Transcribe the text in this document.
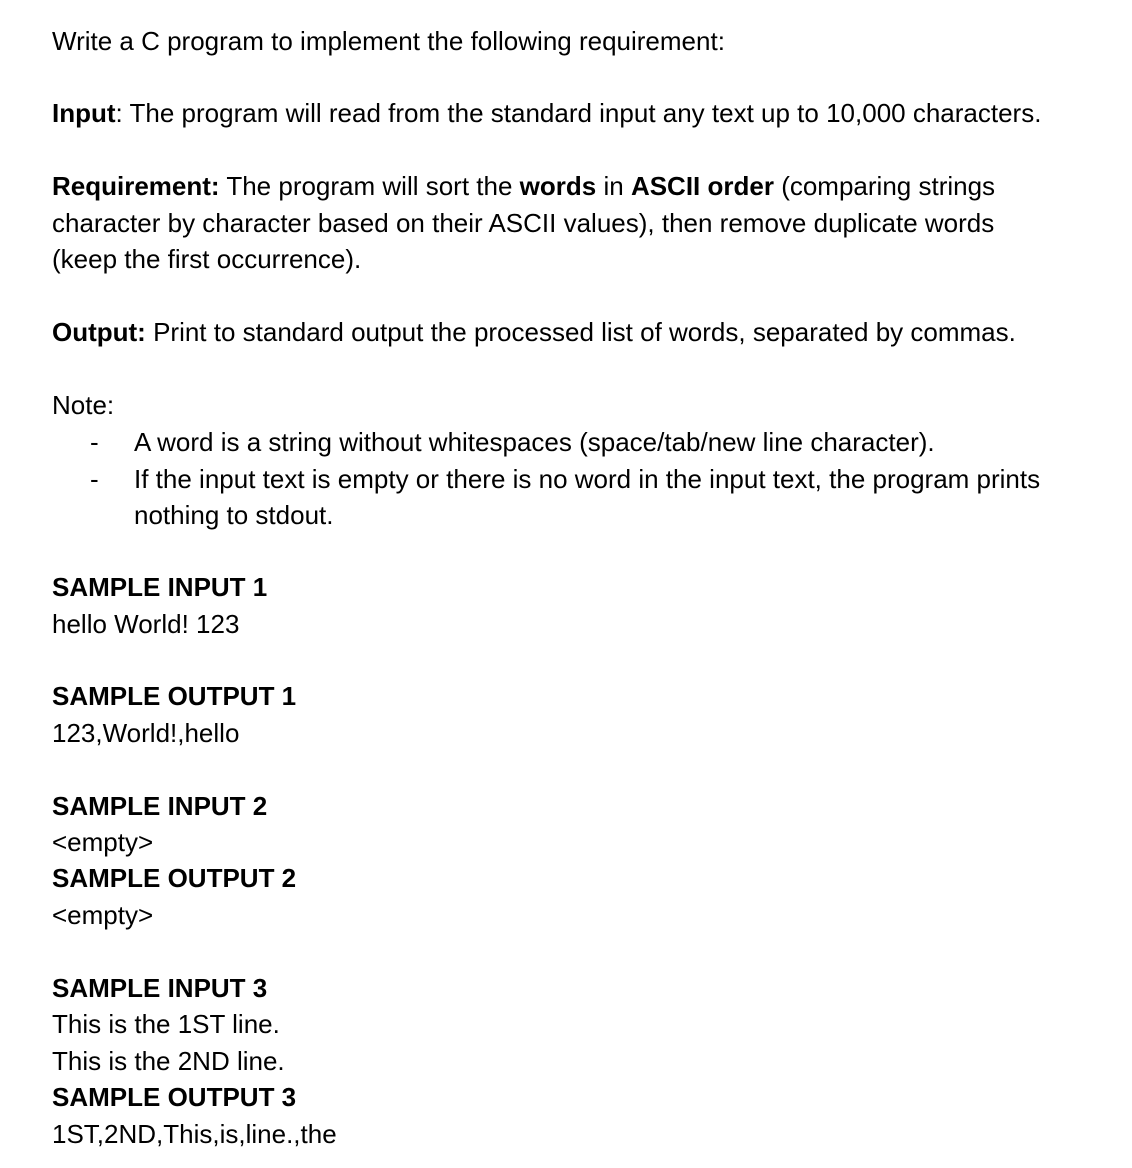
Write a C program to implement the following requirement:
Input: The program will read from the standard input any text up to 10,000 characters.
Requirement: The program will sort the words in ASCII order (comparing strings
character by character based on their ASCII values), then remove duplicate words
(keep the first occurrence).
Output: Print to standard output the processed list of words, separated by commas.
Note:
- A word is a string without whitespaces (space/tab/new line character).
- If the input text is empty or there is no word in the input text, the program prints
nothing to stdout.
SAMPLE INPUT 1
hello World! 123
SAMPLE OUTPUT 1
123,World!,hello
SAMPLE INPUT 2
<empty>
SAMPLE OUTPUT 2
<empty>
SAMPLE INPUT 3
This is the 1ST line.
This is the 2ND line.
SAMPLE OUTPUT 3
1ST,2ND,This,is,line.,the
